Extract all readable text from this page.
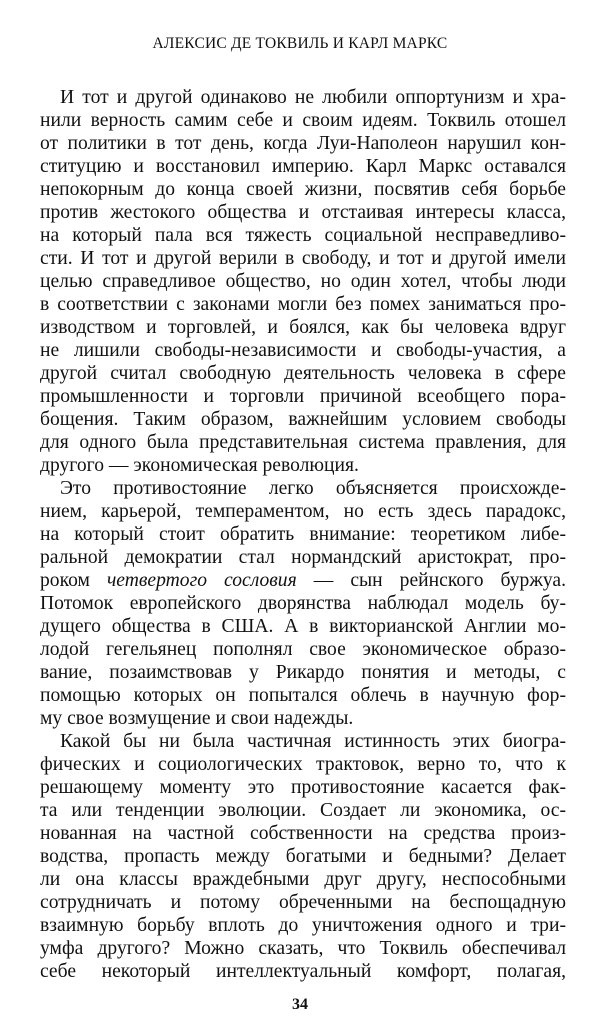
АЛЕКСИС ДЕ ТОКВИЛЬ И КАРЛ МАРКС
И тот и другой одинаково не любили оппортунизм и хра-
нили верность самим себе и своим идеям. Токвиль отошел
от политики в тот день, когда Луи-Наполеон нарушил кон-
ституцию и восстановил империю. Карл Маркс оставался
непокорным до конца своей жизни, посвятив себя борьбе
против жестокого общества и отстаивая интересы класса,
на который пала вся тяжесть социальной несправедливо-
сти. И тот и другой верили в свободу, и тот и другой имели
целью справедливое общество, но один хотел, чтобы люди
в соответствии с законами могли без помех заниматься про-
изводством и торговлей, и боялся, как бы человека вдруг
не лишили свободы-независимости и свободы-участия, а
другой считал свободную деятельность человека в сфере
промышленности и торговли причиной всеобщего пора-
бощения. Таким образом, важнейшим условием свободы
для одного была представительная система правления, для
другого — экономическая революция.
Это противостояние легко объясняется происхожде-
нием, карьерой, темпераментом, но есть здесь парадокс,
на который стоит обратить внимание: теоретиком либе-
ральной демократии стал нормандский аристократ, про-
роком четвертого сословия — сын рейнского буржуа.
Потомок европейского дворянства наблюдал модель бу-
дущего общества в США. А в викторианской Англии мо-
лодой гегельянец пополнял свое экономическое образо-
вание, позаимствовав у Рикардо понятия и методы, с
помощью которых он попытался облечь в научную фор-
му свое возмущение и свои надежды.
Какой бы ни была частичная истинность этих биогра-
фических и социологических трактовок, верно то, что к
решающему моменту это противостояние касается фак-
та или тенденции эволюции. Создает ли экономика, ос-
нованная на частной собственности на средства произ-
водства, пропасть между богатыми и бедными? Делает
ли она классы враждебными друг другу, неспособными
сотрудничать и потому обреченными на беспощадную
взаимную борьбу вплоть до уничтожения одного и три-
умфа другого? Можно сказать, что Токвиль обеспечивал
себе некоторый интеллектуальный комфорт, полагая,
34
